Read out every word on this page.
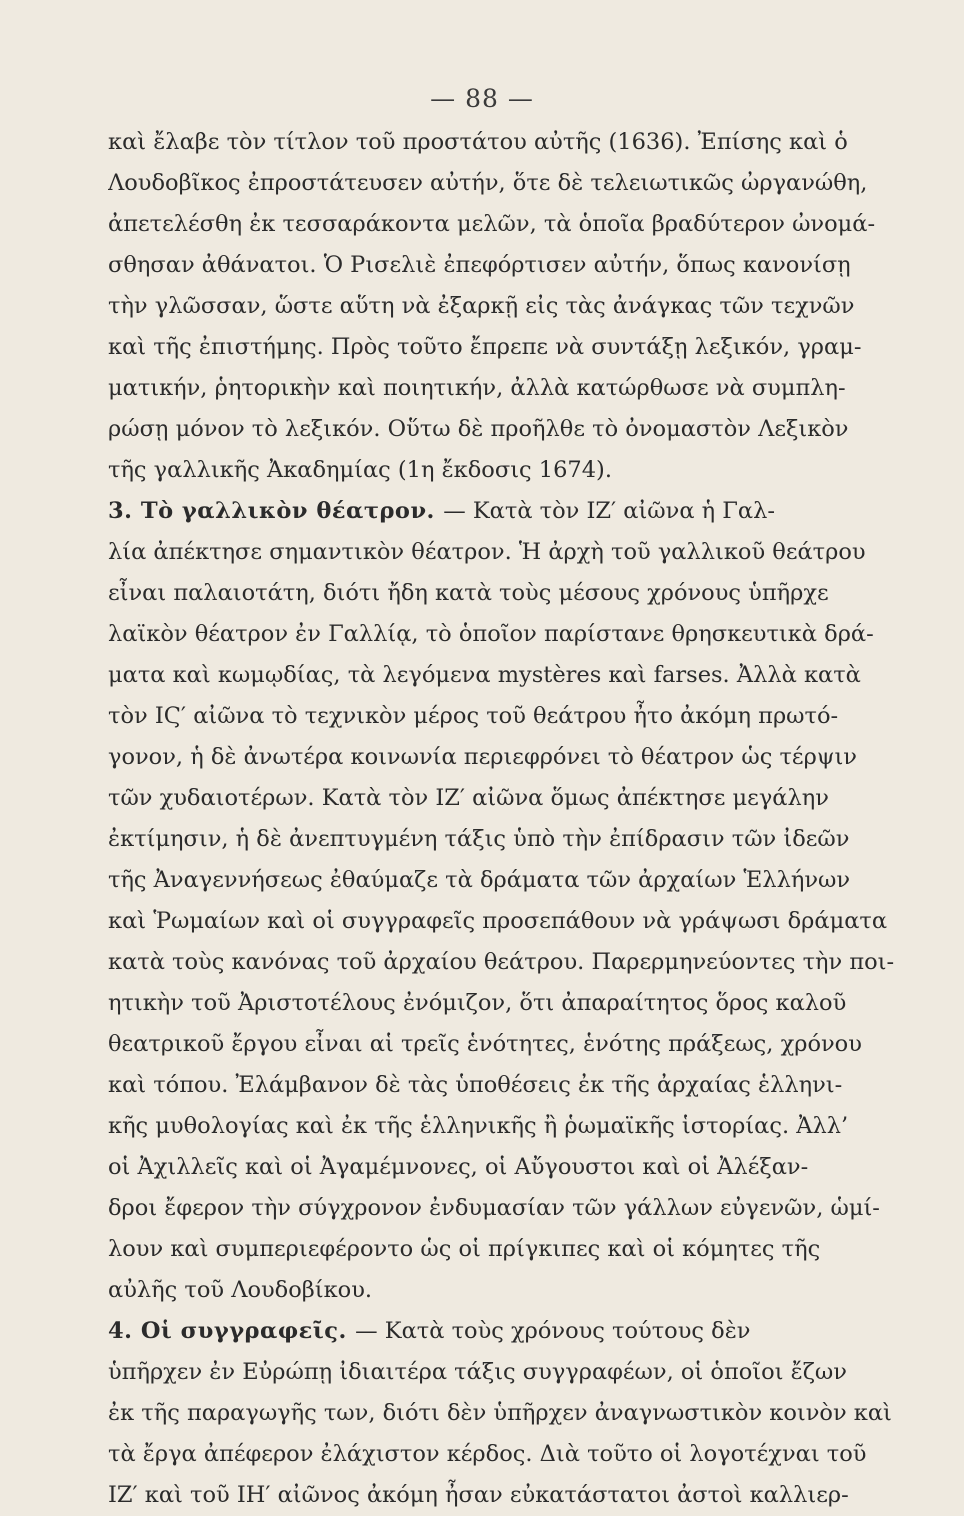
— 88 —
καὶ ἔλαβε τὸν τίτλον τοῦ προστάτου αὐτῆς (1636). Ἐπίσης καὶ ὁ
Λουδοβῖκος ἐπροστάτευσεν αὐτήν, ὅτε δὲ τελειωτικῶς ὠργανώθη,
ἀπετελέσθη ἐκ τεσσαράκοντα μελῶν, τὰ ὁποῖα βραδύτερον ὠνομά-
σθησαν ἀθάνατοι. Ὁ Ρισελιὲ ἐπεφόρτισεν αὐτήν, ὅπως κανονίσῃ
τὴν γλῶσσαν, ὥστε αὕτη νὰ ἐξαρκῇ εἰς τὰς ἀνάγκας τῶν τεχνῶν
καὶ τῆς ἐπιστήμης. Πρὸς τοῦτο ἔπρεπε νὰ συντάξῃ λεξικόν, γραμ-
ματικήν, ῥητορικὴν καὶ ποιητικήν, ἀλλὰ κατώρθωσε νὰ συμπλη-
ρώσῃ μόνον τὸ λεξικόν. Οὕτω δὲ προῆλθε τὸ ὀνομαστὸν Λεξικὸν
τῆς γαλλικῆς Ἀκαδημίας (1η ἔκδοσις 1674).
3. Τὸ γαλλικὸν θέατρον. — Κατὰ τὸν ΙΖ′ αἰῶνα ἡ Γαλ-
λία ἀπέκτησε σημαντικὸν θέατρον. Ἡ ἀρχὴ τοῦ γαλλικοῦ θεάτρου
εἶναι παλαιοτάτη, διότι ἤδη κατὰ τοὺς μέσους χρόνους ὑπῆρχε
λαϊκὸν θέατρον ἐν Γαλλίᾳ, τὸ ὁποῖον παρίστανε θρησκευτικὰ δρά-
ματα καὶ κωμῳδίας, τὰ λεγόμενα mystères καὶ farses. Ἀλλὰ κατὰ
τὸν ΙϚ′ αἰῶνα τὸ τεχνικὸν μέρος τοῦ θεάτρου ἦτο ἀκόμη πρωτό-
γονον, ἡ δὲ ἀνωτέρα κοινωνία περιεφρόνει τὸ θέατρον ὡς τέρψιν
τῶν χυδαιοτέρων. Κατὰ τὸν ΙΖ′ αἰῶνα ὅμως ἀπέκτησε μεγάλην
ἐκτίμησιν, ἡ δὲ ἀνεπτυγμένη τάξις ὑπὸ τὴν ἐπίδρασιν τῶν ἰδεῶν
τῆς Ἀναγεννήσεως ἐθαύμαζε τὰ δράματα τῶν ἀρχαίων Ἑλλήνων
καὶ Ῥωμαίων καὶ οἱ συγγραφεῖς προσεπάθουν νὰ γράψωσι δράματα
κατὰ τοὺς κανόνας τοῦ ἀρχαίου θεάτρου. Παρερμηνεύοντες τὴν ποι-
ητικὴν τοῦ Ἀριστοτέλους ἐνόμιζον, ὅτι ἀπαραίτητος ὅρος καλοῦ
θεατρικοῦ ἔργου εἶναι αἱ τρεῖς ἑνότητες, ἑνότης πράξεως, χρόνου
καὶ τόπου. Ἐλάμβανον δὲ τὰς ὑποθέσεις ἐκ τῆς ἀρχαίας ἑλληνι-
κῆς μυθολογίας καὶ ἐκ τῆς ἑλληνικῆς ἢ ῥωμαϊκῆς ἱστορίας. Ἀλλ’
οἱ Ἀχιλλεῖς καὶ οἱ Ἀγαμέμνονες, οἱ Αὔγουστοι καὶ οἱ Ἀλέξαν-
δροι ἔφερον τὴν σύγχρονον ἐνδυμασίαν τῶν γάλλων εὐγενῶν, ὡμί-
λουν καὶ συμπεριεφέροντο ὡς οἱ πρίγκιπες καὶ οἱ κόμητες τῆς
αὐλῆς τοῦ Λουδοβίκου.
4. Οἱ συγγραφεῖς. — Κατὰ τοὺς χρόνους τούτους δὲν
ὑπῆρχεν ἐν Εὐρώπῃ ἰδιαιτέρα τάξις συγγραφέων, οἱ ὁποῖοι ἔζων
ἐκ τῆς παραγωγῆς των, διότι δὲν ὑπῆρχεν ἀναγνωστικὸν κοινὸν καὶ
τὰ ἔργα ἀπέφερον ἐλάχιστον κέρδος. Διὰ τοῦτο οἱ λογοτέχναι τοῦ
ΙΖ′ καὶ τοῦ ΙΗ′ αἰῶνος ἀκόμη ἦσαν εὐκατάστατοι ἀστοὶ καλλιερ-
